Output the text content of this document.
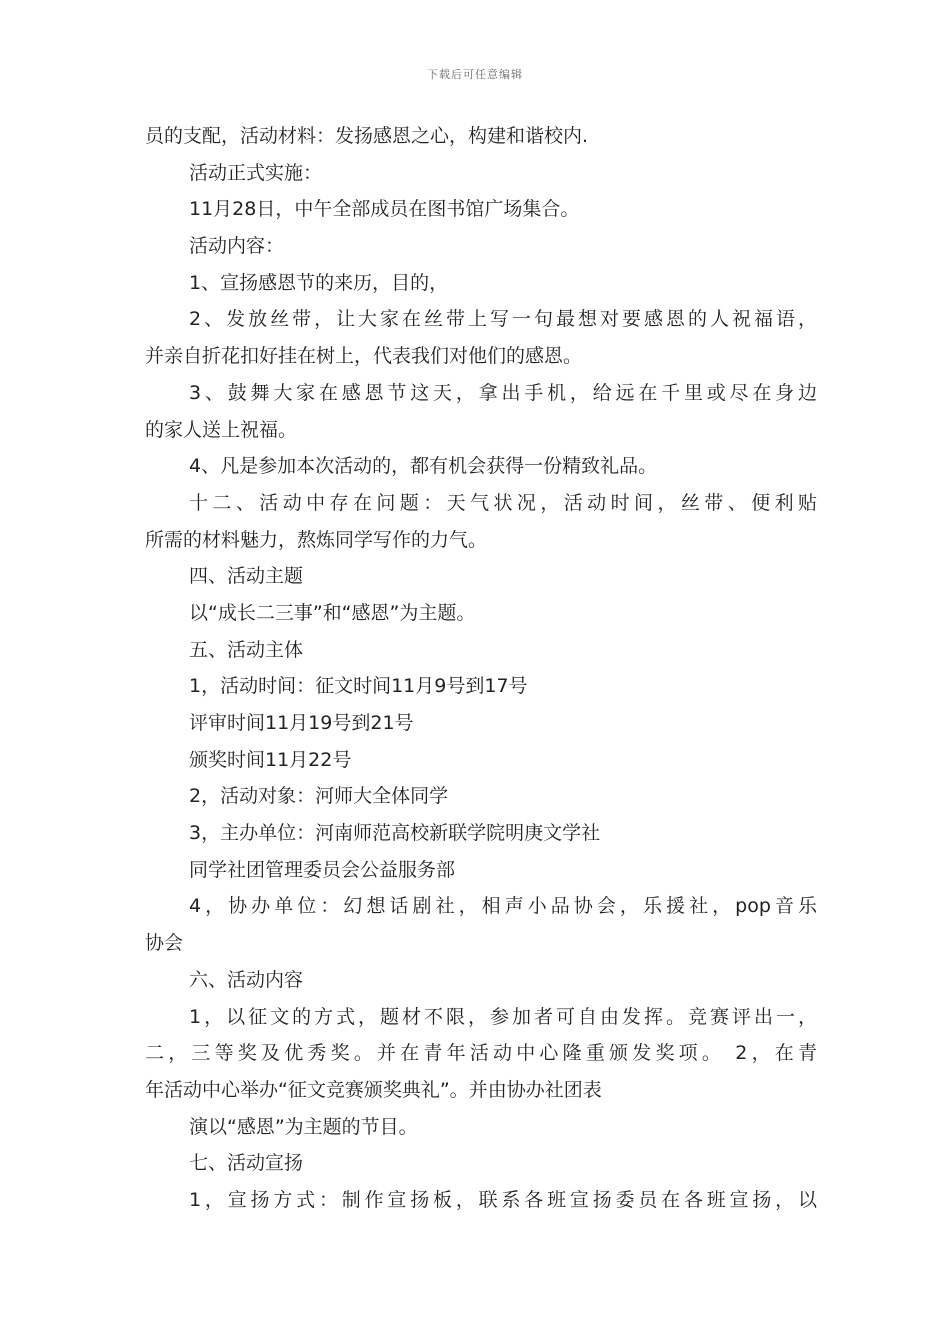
下载后可任意编辑
员的支配，活动材料：发扬感恩之心，构建和谐校内.
活动正式实施：
11月28日，中午全部成员在图书馆广场集合。
活动内容：
1、宣扬感恩节的来历，目的，
2、发放丝带，让大家在丝带上写一句最想对要感恩的人祝福语，
并亲自折花扣好挂在树上，代表我们对他们的感恩。
3、鼓舞大家在感恩节这天，拿出手机，给远在千里或尽在身边
的家人送上祝福。
4、凡是参加本次活动的，都有机会获得一份精致礼品。
十二、活动中存在问题：天气状况，活动时间，丝带、便利贴
所需的材料魅力，熬炼同学写作的力气。
四、活动主题
以“成长二三事”和“感恩”为主题。
五、活动主体
1，活动时间：征文时间11月9号到17号
评审时间11月19号到21号
颁奖时间11月22号
2，活动对象：河师大全体同学
3，主办单位：河南师范高校新联学院明庚文学社
同学社团管理委员会公益服务部
4，协办单位：幻想话剧社，相声小品协会，乐援社，pop音乐
协会
六、活动内容
1，以征文的方式，题材不限，参加者可自由发挥。竞赛评出一，
二，三等奖及优秀奖。并在青年活动中心隆重颁发奖项。 2，在青
年活动中心举办“征文竞赛颁奖典礼”。并由协办社团表
演以“感恩”为主题的节目。
七、活动宣扬
1，宣扬方式：制作宣扬板，联系各班宣扬委员在各班宣扬，以
